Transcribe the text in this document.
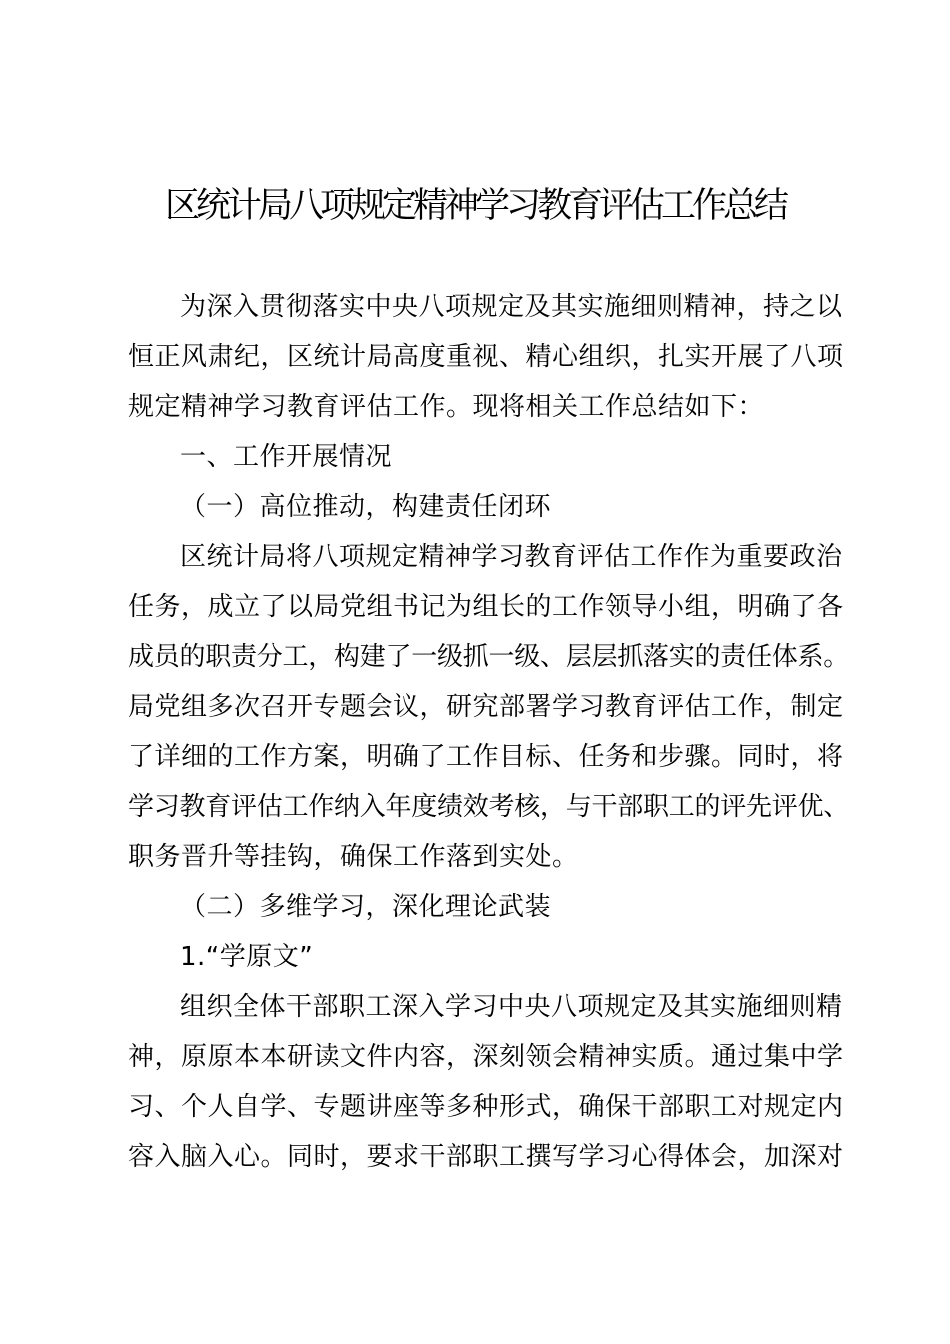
区统计局八项规定精神学习教育评估工作总结
为深入贯彻落实中央八项规定及其实施细则精神，持之以
恒正风肃纪，区统计局高度重视、精心组织，扎实开展了八项
规定精神学习教育评估工作。现将相关工作总结如下：
一、工作开展情况
（一）高位推动，构建责任闭环
区统计局将八项规定精神学习教育评估工作作为重要政治
任务，成立了以局党组书记为组长的工作领导小组，明确了各
成员的职责分工，构建了一级抓一级、层层抓落实的责任体系。
局党组多次召开专题会议，研究部署学习教育评估工作，制定
了详细的工作方案，明确了工作目标、任务和步骤。同时，将
学习教育评估工作纳入年度绩效考核，与干部职工的评先评优、
职务晋升等挂钩，确保工作落到实处。
（二）多维学习，深化理论武装
1.“学原文”
组织全体干部职工深入学习中央八项规定及其实施细则精
神，原原本本研读文件内容，深刻领会精神实质。通过集中学
习、个人自学、专题讲座等多种形式，确保干部职工对规定内
容入脑入心。同时，要求干部职工撰写学习心得体会，加深对
